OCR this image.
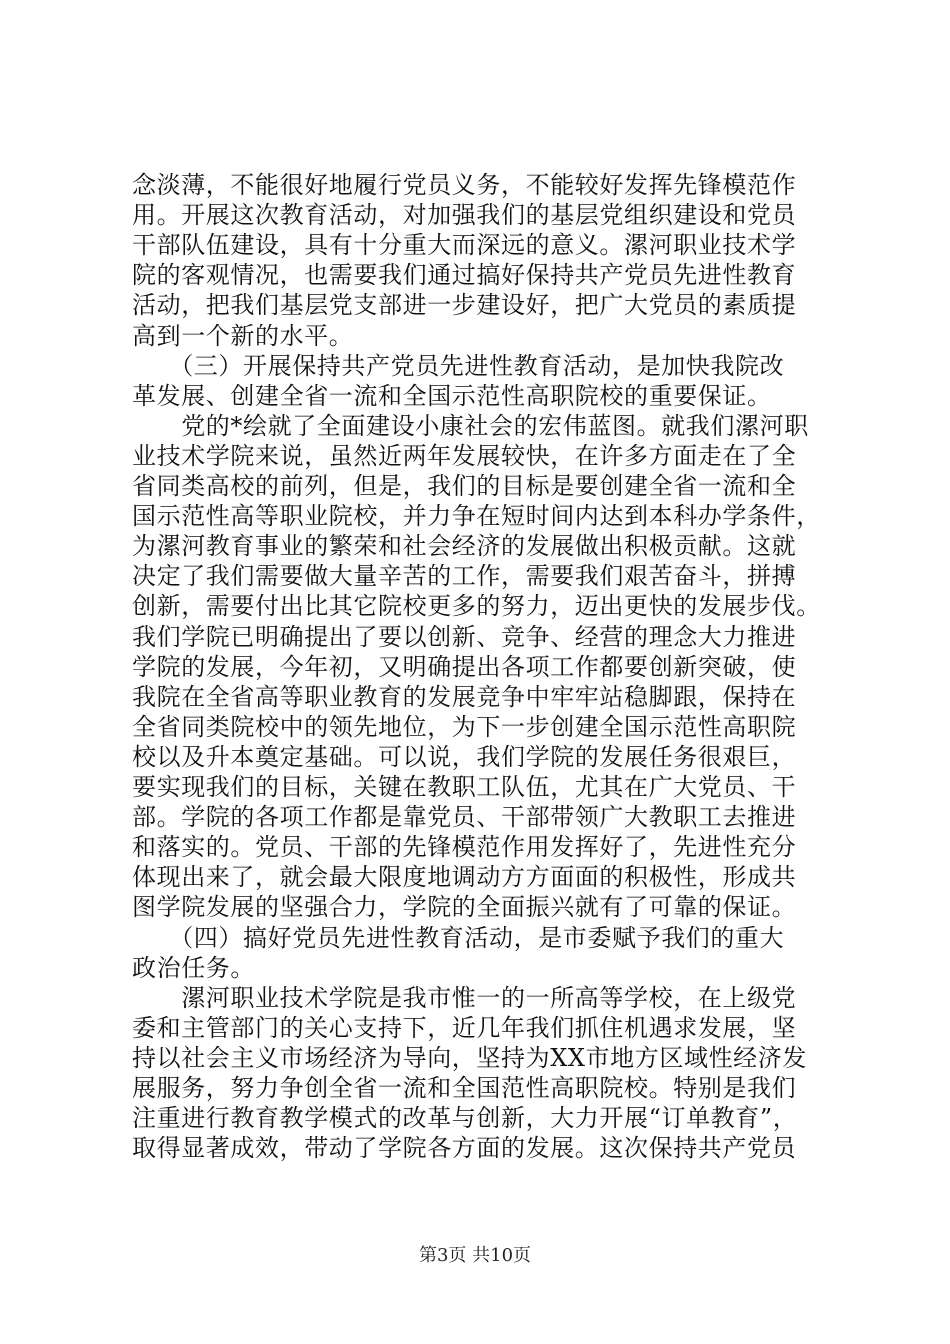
念淡薄，不能很好地履行党员义务，不能较好发挥先锋模范作
用。开展这次教育活动，对加强我们的基层党组织建设和党员
干部队伍建设，具有十分重大而深远的意义。漯河职业技术学
院的客观情况，也需要我们通过搞好保持共产党员先进性教育
活动，把我们基层党支部进一步建设好，把广大党员的素质提
高到一个新的水平。
　　（三）开展保持共产党员先进性教育活动，是加快我院改
革发展、创建全省一流和全国示范性高职院校的重要保证。
　　党的*绘就了全面建设小康社会的宏伟蓝图。就我们漯河职
业技术学院来说，虽然近两年发展较快，在许多方面走在了全
省同类高校的前列，但是，我们的目标是要创建全省一流和全
国示范性高等职业院校，并力争在短时间内达到本科办学条件，
为漯河教育事业的繁荣和社会经济的发展做出积极贡献。这就
决定了我们需要做大量辛苦的工作，需要我们艰苦奋斗，拼搏
创新，需要付出比其它院校更多的努力，迈出更快的发展步伐。
我们学院已明确提出了要以创新、竞争、经营的理念大力推进
学院的发展，今年初，又明确提出各项工作都要创新突破，使
我院在全省高等职业教育的发展竞争中牢牢站稳脚跟，保持在
全省同类院校中的领先地位，为下一步创建全国示范性高职院
校以及升本奠定基础。可以说，我们学院的发展任务很艰巨，
要实现我们的目标，关键在教职工队伍，尤其在广大党员、干
部。学院的各项工作都是靠党员、干部带领广大教职工去推进
和落实的。党员、干部的先锋模范作用发挥好了，先进性充分
体现出来了，就会最大限度地调动方方面面的积极性，形成共
图学院发展的坚强合力，学院的全面振兴就有了可靠的保证。
　　（四）搞好党员先进性教育活动，是市委赋予我们的重大
政治任务。
　　漯河职业技术学院是我市惟一的一所高等学校，在上级党
委和主管部门的关心支持下，近几年我们抓住机遇求发展，坚
持以社会主义市场经济为导向，坚持为XX市地方区域性经济发
展服务，努力争创全省一流和全国范性高职院校。特别是我们
注重进行教育教学模式的改革与创新，大力开展“订单教育”，
取得显著成效，带动了学院各方面的发展。这次保持共产党员
第3页 共10页
